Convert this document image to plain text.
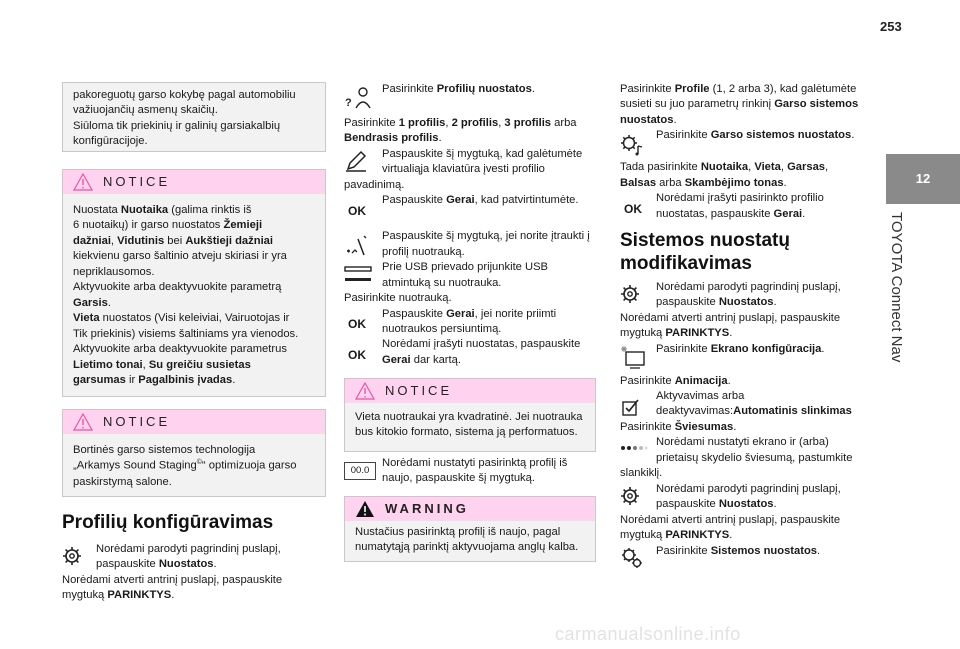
253
12
TOYOTA Connect Nav

pakoreguotų garso kokybę pagal automobiliu

važiuojančių asmenų skaičių.

Siūloma tik priekinių ir galinių garsiakalbių

konfigūracijoje.

NOTICE

Nuostata Nuotaika (galima rinktis iš

6 nuotaikų) ir garso nuostatos Žemieji

dažniai, Vidutinis bei Aukštieji dažniai

kiekvienu garso šaltinio atveju skiriasi ir yra

nepriklausomos.

Aktyvuokite arba deaktyvuokite parametrą

Garsis.

Vieta nuostatos (Visi keleiviai, Vairuotojas ir

Tik priekinis) visiems šaltiniams yra vienodos.

Aktyvuokite arba deaktyvuokite parametrus

Lietimo tonai, Su greičiu susietas

garsumas ir Pagalbinis įvadas.

NOTICE

Bortinės garso sistemos technologija

„Arkamys Sound Staging©“ optimizuoja garso

paskirstymą salone.

Profilių konfigūravimas

Norėdami parodyti pagrindinį puslapį,

paspauskite Nuostatos.

Norėdami atverti antrinį puslapį, paspauskite

mygtuką PARINKTYS.

?

Pasirinkite Profilių nuostatos.

Pasirinkite 1 profilis, 2 profilis, 3 profilis arba

Bendrasis profilis.

Paspauskite šį mygtuką, kad galėtumėte

virtualiąja klaviatūra įvesti profilio

pavadinimą.

OK

Paspauskite Gerai, kad patvirtintumėte.

Paspauskite šį mygtuką, jei norite įtraukti į

profilį nuotrauką.

Prie USB prievado prijunkite USB

atmintuką su nuotrauka.

Pasirinkite nuotrauką.

OK

Paspauskite Gerai, jei norite priimti

nuotraukos persiuntimą.

OK

Norėdami įrašyti nuostatas, paspauskite

Gerai dar kartą.

NOTICE

Vieta nuotraukai yra kvadratinė. Jei nuotrauka

bus kitokio formato, sistema ją performatuos.

00.0

Norėdami nustatyti pasirinktą profilį iš

naujo, paspauskite šį mygtuką.

WARNING

Nustačius pasirinktą profilį iš naujo, pagal

numatytąją parinktį aktyvuojama anglų kalba.

Pasirinkite Profile (1, 2 arba 3), kad galėtumėte

susieti su juo parametrų rinkinį Garso sistemos

nuostatos.

Pasirinkite Garso sistemos nuostatos.

Tada pasirinkite Nuotaika, Vieta, Garsas,

Balsas arba Skambėjimo tonas.

OK

Norėdami įrašyti pasirinkto profilio

nuostatas, paspauskite Gerai.

Sistemos nuostatų
modifikavimas

Norėdami parodyti pagrindinį puslapį,

paspauskite Nuostatos.

Norėdami atverti antrinį puslapį, paspauskite

mygtuką PARINKTYS.

Pasirinkite Ekrano konfigūracija.

Pasirinkite Animacija.

Aktyvavimas arba

deaktyvavimas:Automatinis slinkimas

Pasirinkite Šviesumas.

Norėdami nustatyti ekrano ir (arba)

prietaisų skydelio šviesumą, pastumkite

slankiklį.

Norėdami parodyti pagrindinį puslapį,

paspauskite Nuostatos.

Norėdami atverti antrinį puslapį, paspauskite

mygtuką PARINKTYS.

Pasirinkite Sistemos nuostatos.

carmanualsonline.info
